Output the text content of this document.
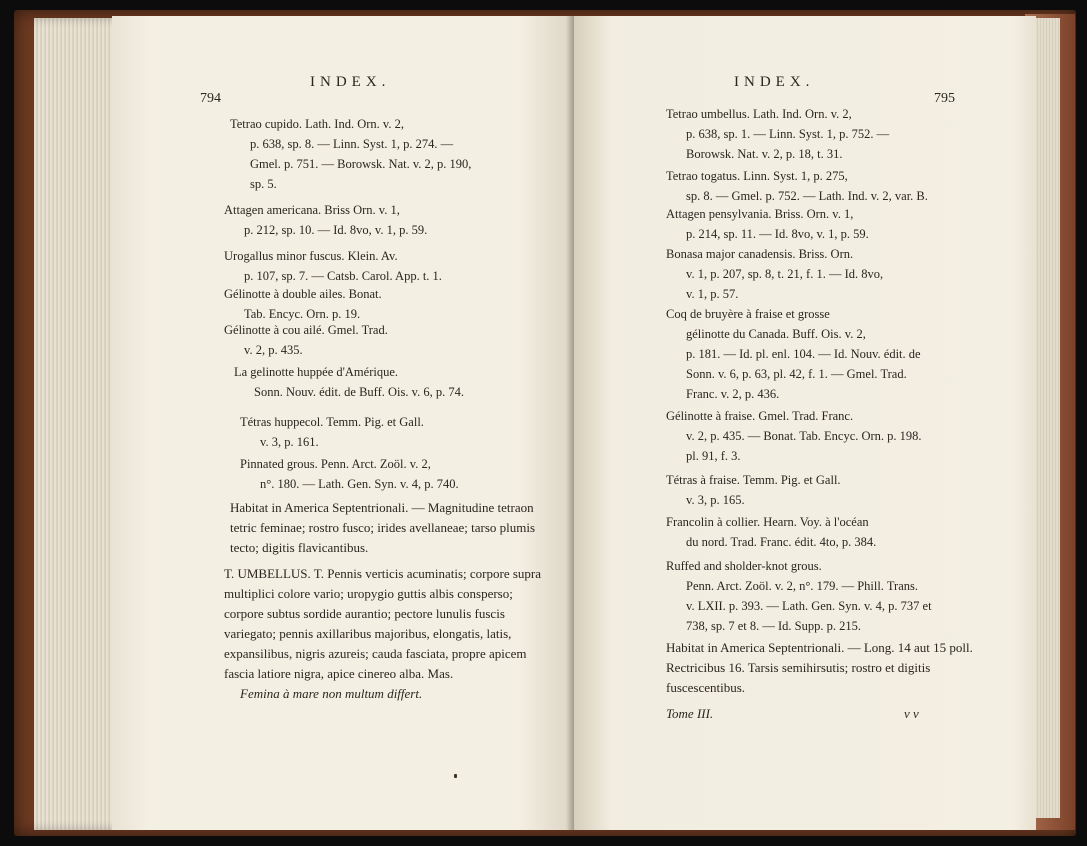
794
INDEX.
Tetrao cupido. Lath. Ind. Orn. v. 2,
p. 638, sp. 8. — Linn. Syst. 1, p. 274. —
Gmel. p. 751. — Borowsk. Nat. v. 2, p. 190,
sp. 5.
Attagen americana. Briss Orn. v. 1,
p. 212, sp. 10. — Id. 8vo, v. 1, p. 59.
Urogallus minor fuscus. Klein. Av.
p. 107, sp. 7. — Catsb. Carol. App. t. 1.
Gélinotte à double ailes. Bonat.
Tab. Encyc. Orn. p. 19.
Gélinotte à cou ailé. Gmel. Trad.
v. 2, p. 435.
La gelinotte huppée d'Amérique.
Sonn. Nouv. édit. de Buff. Ois. v. 6, p. 74.
Tétras huppecol. Temm. Pig. et Gall.
v. 3, p. 161.
Pinnated grous. Penn. Arct. Zoöl. v. 2,
n°. 180. — Lath. Gen. Syn. v. 4, p. 740.
Habitat in America Septentrionali. — Magnitudine tetraon tetric feminae; rostro fusco; irides avellaneae; tarso plumis tecto; digitis flavicantibus.
T. UMBELLUS. T. Pennis verticis acuminatis; corpore supra multiplici colore vario; uropygio guttis albis consperso; corpore subtus sordide aurantio; pectore lunulis fuscis variegato; pennis axillaribus majoribus, elongatis, latis, expansilibus, nigris azureis; cauda fasciata, propre apicem fascia latiore nigra, apice cinereo alba. Mas.
Femina à mare non multum differt.
INDEX.
795
Tetrao umbellus. Lath. Ind. Orn. v. 2,
p. 638, sp. 1. — Linn. Syst. 1, p. 752. —
Borowsk. Nat. v. 2, p. 18, t. 31.
Tetrao togatus. Linn. Syst. 1, p. 275,
sp. 8. — Gmel. p. 752. — Lath. Ind. v. 2, var. B.
Attagen pensylvania. Briss. Orn. v. 1,
p. 214, sp. 11. — Id. 8vo, v. 1, p. 59.
Bonasa major canadensis. Briss. Orn.
v. 1, p. 207, sp. 8, t. 21, f. 1. — Id. 8vo,
v. 1, p. 57.
Coq de bruyère à fraise et grosse
gélinotte du Canada. Buff. Ois. v. 2,
p. 181. — Id. pl. enl. 104. — Id. Nouv. édit. de
Sonn. v. 6, p. 63, pl. 42, f. 1. — Gmel. Trad.
Franc. v. 2, p. 436.
Gélinotte à fraise. Gmel. Trad. Franc.
v. 2, p. 435. — Bonat. Tab. Encyc. Orn. p. 198.
pl. 91, f. 3.
Tétras à fraise. Temm. Pig. et Gall.
v. 3, p. 165.
Francolin à collier. Hearn. Voy. à l'océan
du nord. Trad. Franc. édit. 4to, p. 384.
Ruffed and sholder-knot grous.
Penn. Arct. Zoöl. v. 2, n°. 179. — Phill. Trans.
v. LXII. p. 393. — Lath. Gen. Syn. v. 4, p. 737 et
738, sp. 7 et 8. — Id. Supp. p. 215.
Habitat in America Septentrionali. — Long. 14 aut 15 poll. Rectricibus 16. Tarsis semihirsutis; rostro et digitis fuscescentibus.
Tome III.	v v
